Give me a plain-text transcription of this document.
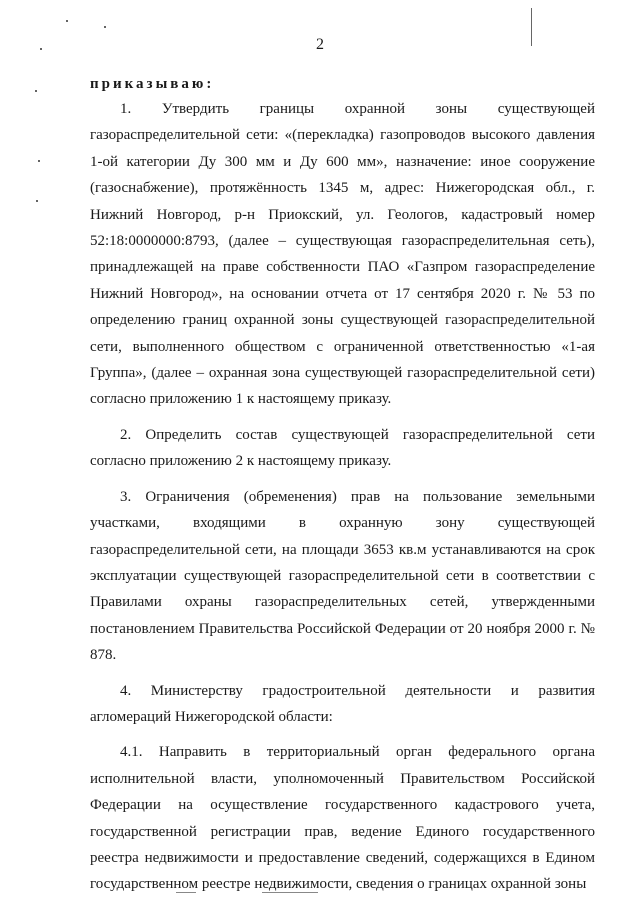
2
приказываю:

1. Утвердить границы охранной зоны существующей газораспределительной сети: «(перекладка) газопроводов высокого давления 1-ой категории Ду 300 мм и Ду 600 мм», назначение: иное сооружение (газоснабжение), протяжённость 1345 м, адрес: Нижегородская обл., г. Нижний Новгород, р-н Приокский, ул. Геологов, кадастровый номер 52:18:0000000:8793, (далее – существующая газораспределительная сеть), принадлежащей на праве собственности ПАО «Газпром газораспределение Нижний Новгород», на основании отчета от 17 сентября 2020 г. № 53 по определению границ охранной зоны существующей газораспределительной сети, выполненного обществом с ограниченной ответственностью «1-ая Группа», (далее – охранная зона существующей газораспределительной сети) согласно приложению 1 к настоящему приказу.

2. Определить состав существующей газораспределительной сети согласно приложению 2 к настоящему приказу.

3. Ограничения (обременения) прав на пользование земельными участками, входящими в охранную зону существующей газораспределительной сети, на площади 3653 кв.м устанавливаются на срок эксплуатации существующей газораспределительной сети в соответствии с Правилами охраны газораспределительных сетей, утвержденными постановлением Правительства Российской Федерации от 20 ноября 2000 г. № 878.

4. Министерству градостроительной деятельности и развития агломераций Нижегородской области:

4.1. Направить в территориальный орган федерального органа исполнительной власти, уполномоченный Правительством Российской Федерации на осуществление государственного кадастрового учета, государственной регистрации прав, ведение Единого государственного реестра недвижимости и предоставление сведений, содержащихся в Едином государственном реестре недвижимости, сведения о границах охранной зоны
